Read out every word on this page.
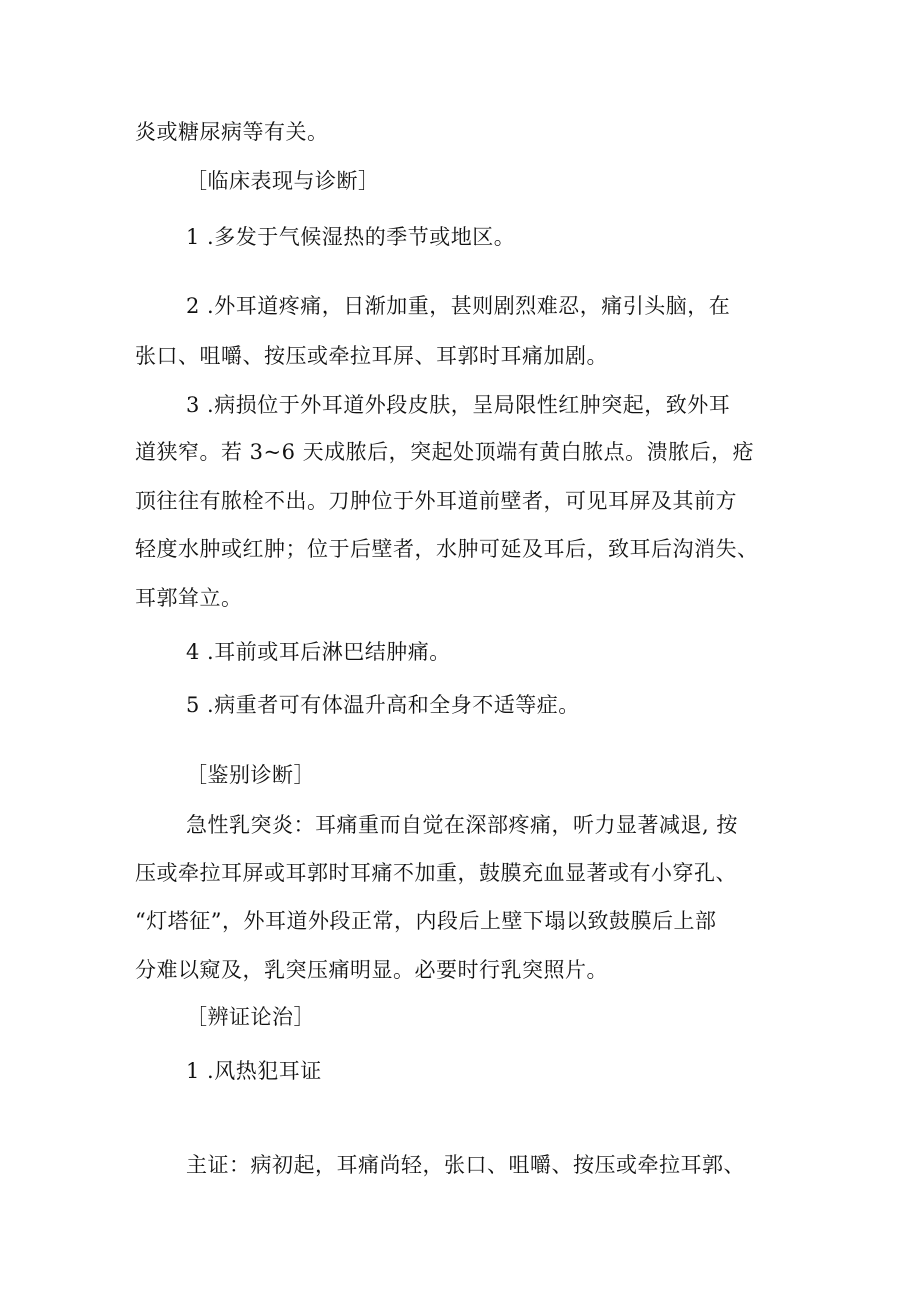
炎或糖尿病等有关。
［临床表现与诊断］
1 .多发于气候湿热的季节或地区。
2 .外耳道疼痛，日渐加重，甚则剧烈难忍，痛引头脑，在
张口、咀嚼、按压或牵拉耳屏、耳郭时耳痛加剧。
3 .病损位于外耳道外段皮肤，呈局限性红肿突起，致外耳
道狭窄。若 3~6 天成脓后，突起处顶端有黄白脓点。溃脓后，疮
顶往往有脓栓不出。刀肿位于外耳道前壁者，可见耳屏及其前方
轻度水肿或红肿；位于后壁者，水肿可延及耳后，致耳后沟消失、
耳郭耸立。
4 .耳前或耳后淋巴结肿痛。
5 .病重者可有体温升高和全身不适等症。
［鉴别诊断］
急性乳突炎：耳痛重而自觉在深部疼痛，听力显著减退, 按
压或牵拉耳屏或耳郭时耳痛不加重，鼓膜充血显著或有小穿孔、
“灯塔征”，外耳道外段正常，内段后上壁下塌以致鼓膜后上部
分难以窥及，乳突压痛明显。必要时行乳突照片。
［辨证论治］
1 .风热犯耳证
主证：病初起，耳痛尚轻，张口、咀嚼、按压或牵拉耳郭、
